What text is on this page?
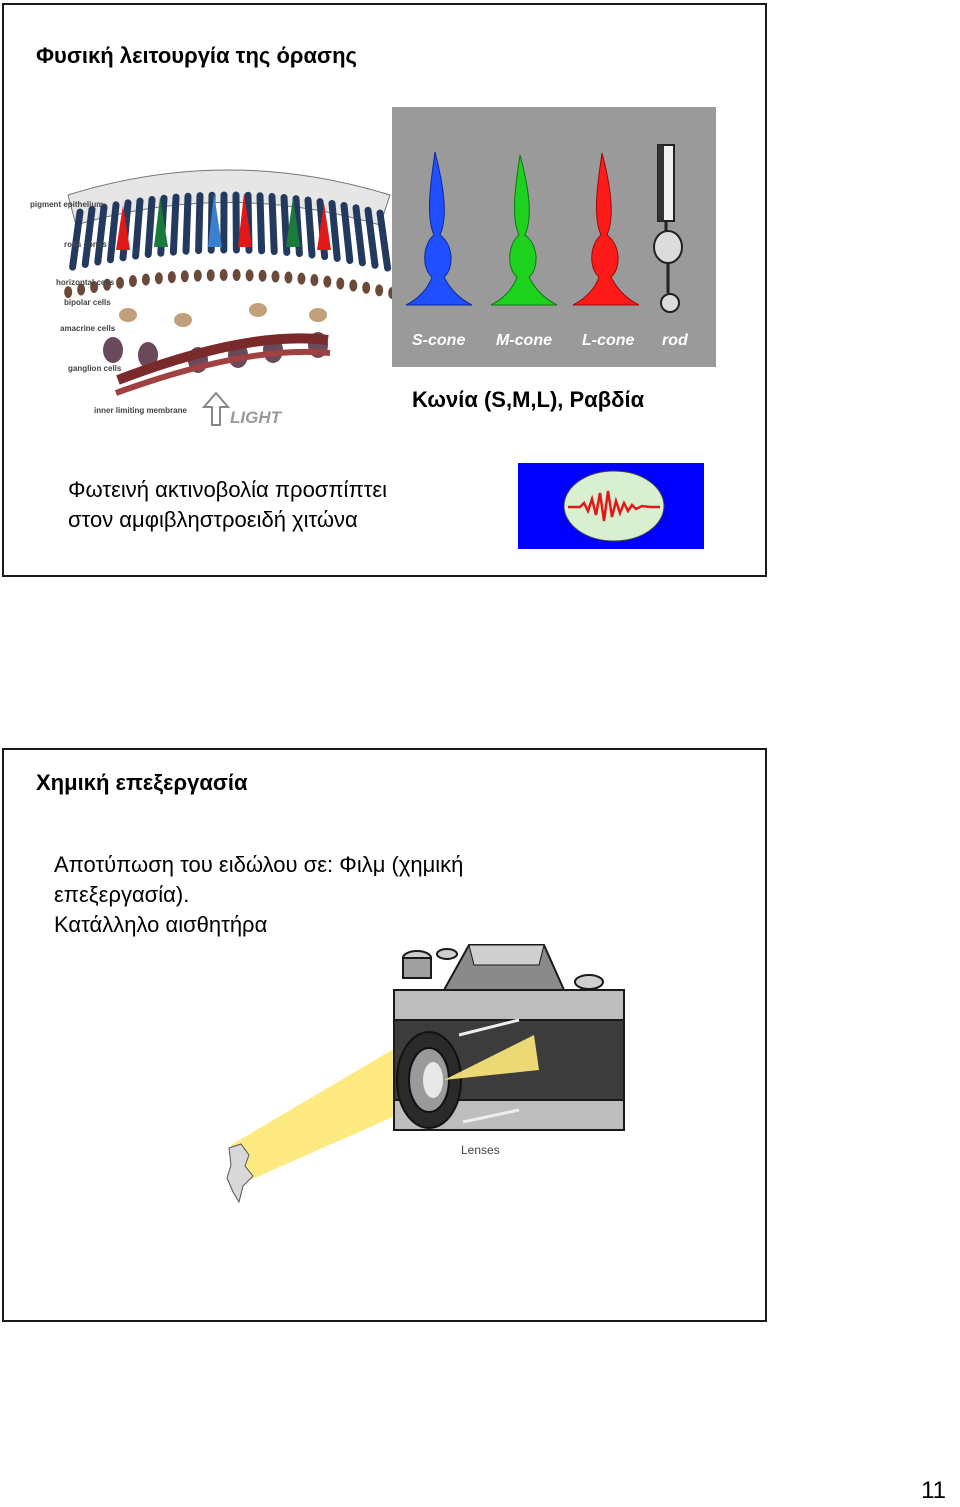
Φυσική λειτουργία της όρασης
pigment epithelium
rods cones
horizontal cells
bipolar cells
amacrine cells
ganglion cells
inner limiting membrane	LIGHT
S-cone M-cone L-cone rod

Κωνία (S,M,L), Ραβδία

Φωτεινή ακτινοβολία προσπίπτει

στον αμφιβληστροειδή χιτώνα

Χημική επεξεργασία

Αποτύπωση του ειδώλου σε: Φιλμ (χημική

επεξεργασία).

Κατάλληλο αισθητήρα

Lenses
11
